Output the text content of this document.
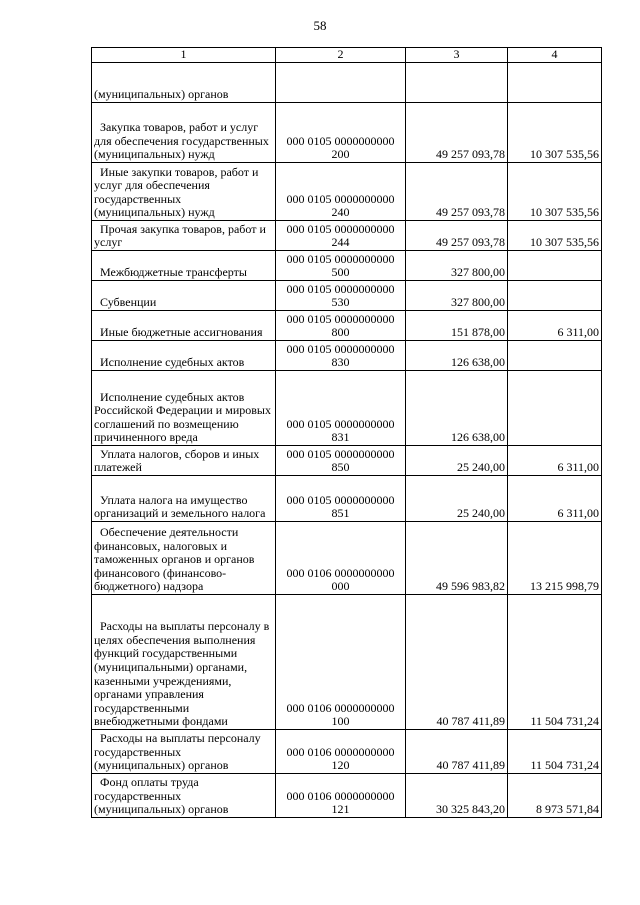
58
1	2	3	4
(муниципальных) органов	

Закупка товаров, работ и услуг для обеспечения государственных (муниципальных) нужд	000 0105 0000000000
200	49 257 093,78	10 307 535,56
Иные закупки товаров, работ и услуг для обеспечения государственных (муниципальных) нужд	000 0105 0000000000
240	49 257 093,78	10 307 535,56
Прочая закупка товаров, работ и услуг	000 0105 0000000000
244	49 257 093,78	10 307 535,56
Межбюджетные трансферты	000 0105 0000000000
500	327 800,00	
Субвенции	000 0105 0000000000
530	327 800,00	
Иные бюджетные ассигнования	000 0105 0000000000
800	151 878,00	6 311,00
Исполнение судебных актов	000 0105 0000000000
830	126 638,00	
Исполнение судебных актов Российской Федерации и мировых соглашений по возмещению причиненного вреда	000 0105 0000000000
831	126 638,00	
Уплата налогов, сборов и иных платежей	000 0105 0000000000
850	25 240,00	6 311,00
Уплата налога на имущество организаций и земельного налога	000 0105 0000000000
851	25 240,00	6 311,00
Обеспечение деятельности финансовых, налоговых и таможенных органов и органов финансового (финансово-бюджетного) надзора	000 0106 0000000000
000	49 596 983,82	13 215 998,79
Расходы на выплаты персоналу в целях обеспечения выполнения функций государственными (муниципальными) органами, казенными учреждениями, органами управления государственными внебюджетными фондами	000 0106 0000000000
100	40 787 411,89	11 504 731,24
Расходы на выплаты персоналу государственных (муниципальных) органов	000 0106 0000000000
120	40 787 411,89	11 504 731,24
Фонд оплаты труда государственных (муниципальных) органов	000 0106 0000000000
121	30 325 843,20	8 973 571,84
